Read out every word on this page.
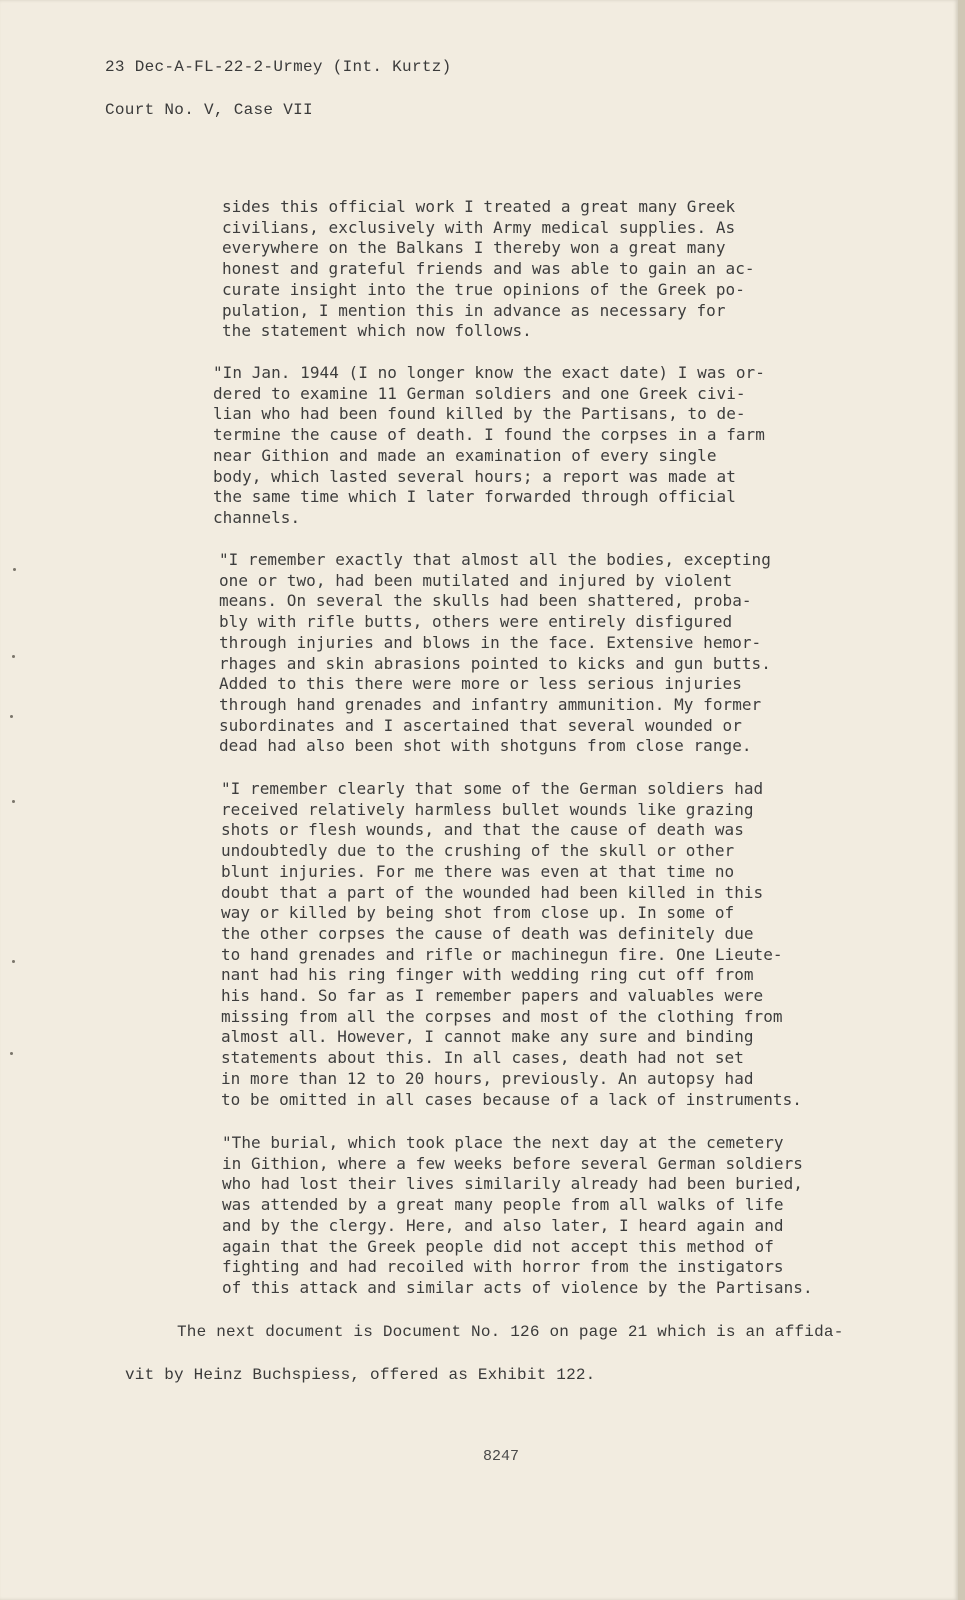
23 Dec-A-FL-22-2-Urmey (Int. Kurtz)
Court No. V, Case VII
sides this official work I treated a great many Greek
civilians, exclusively with Army medical supplies. As
everywhere on the Balkans I thereby won a great many
honest and grateful friends and was able to gain an ac-
curate insight into the true opinions of the Greek po-
pulation, I mention this in advance as necessary for
the statement which now follows.
"In Jan. 1944 (I no longer know the exact date) I was or-
dered to examine 11 German soldiers and one Greek civi-
lian who had been found killed by the Partisans, to de-
termine the cause of death. I found the corpses in a farm
near Githion and made an examination of every single
body, which lasted several hours; a report was made at
the same time which I later forwarded through official
channels.
"I remember exactly that almost all the bodies, excepting
one or two, had been mutilated and injured by violent
means. On several the skulls had been shattered, proba-
bly with rifle butts, others were entirely disfigured
through injuries and blows in the face. Extensive hemor-
rhages and skin abrasions pointed to kicks and gun butts.
Added to this there were more or less serious injuries
through hand grenades and infantry ammunition. My former
subordinates and I ascertained that several wounded or
dead had also been shot with shotguns from close range.
"I remember clearly that some of the German soldiers had
received relatively harmless bullet wounds like grazing
shots or flesh wounds, and that the cause of death was
undoubtedly due to the crushing of the skull or other
blunt injuries. For me there was even at that time no
doubt that a part of the wounded had been killed in this
way or killed by being shot from close up. In some of
the other corpses the cause of death was definitely due
to hand grenades and rifle or machinegun fire. One Lieute-
nant had his ring finger with wedding ring cut off from
his hand. So far as I remember papers and valuables were
missing from all the corpses and most of the clothing from
almost all. However, I cannot make any sure and binding
statements about this. In all cases, death had not set
in more than 12 to 20 hours, previously. An autopsy had
to be omitted in all cases because of a lack of instruments.
"The burial, which took place the next day at the cemetery
in Githion, where a few weeks before several German soldiers
who had lost their lives similarily already had been buried,
was attended by a great many people from all walks of life
and by the clergy. Here, and also later, I heard again and
again that the Greek people did not accept this method of
fighting and had recoiled with horror from the instigators
of this attack and similar acts of violence by the Partisans.
The next document is Document No. 126 on page 21 which is an affida-
vit by Heinz Buchspiess, offered as Exhibit 122.
8247
